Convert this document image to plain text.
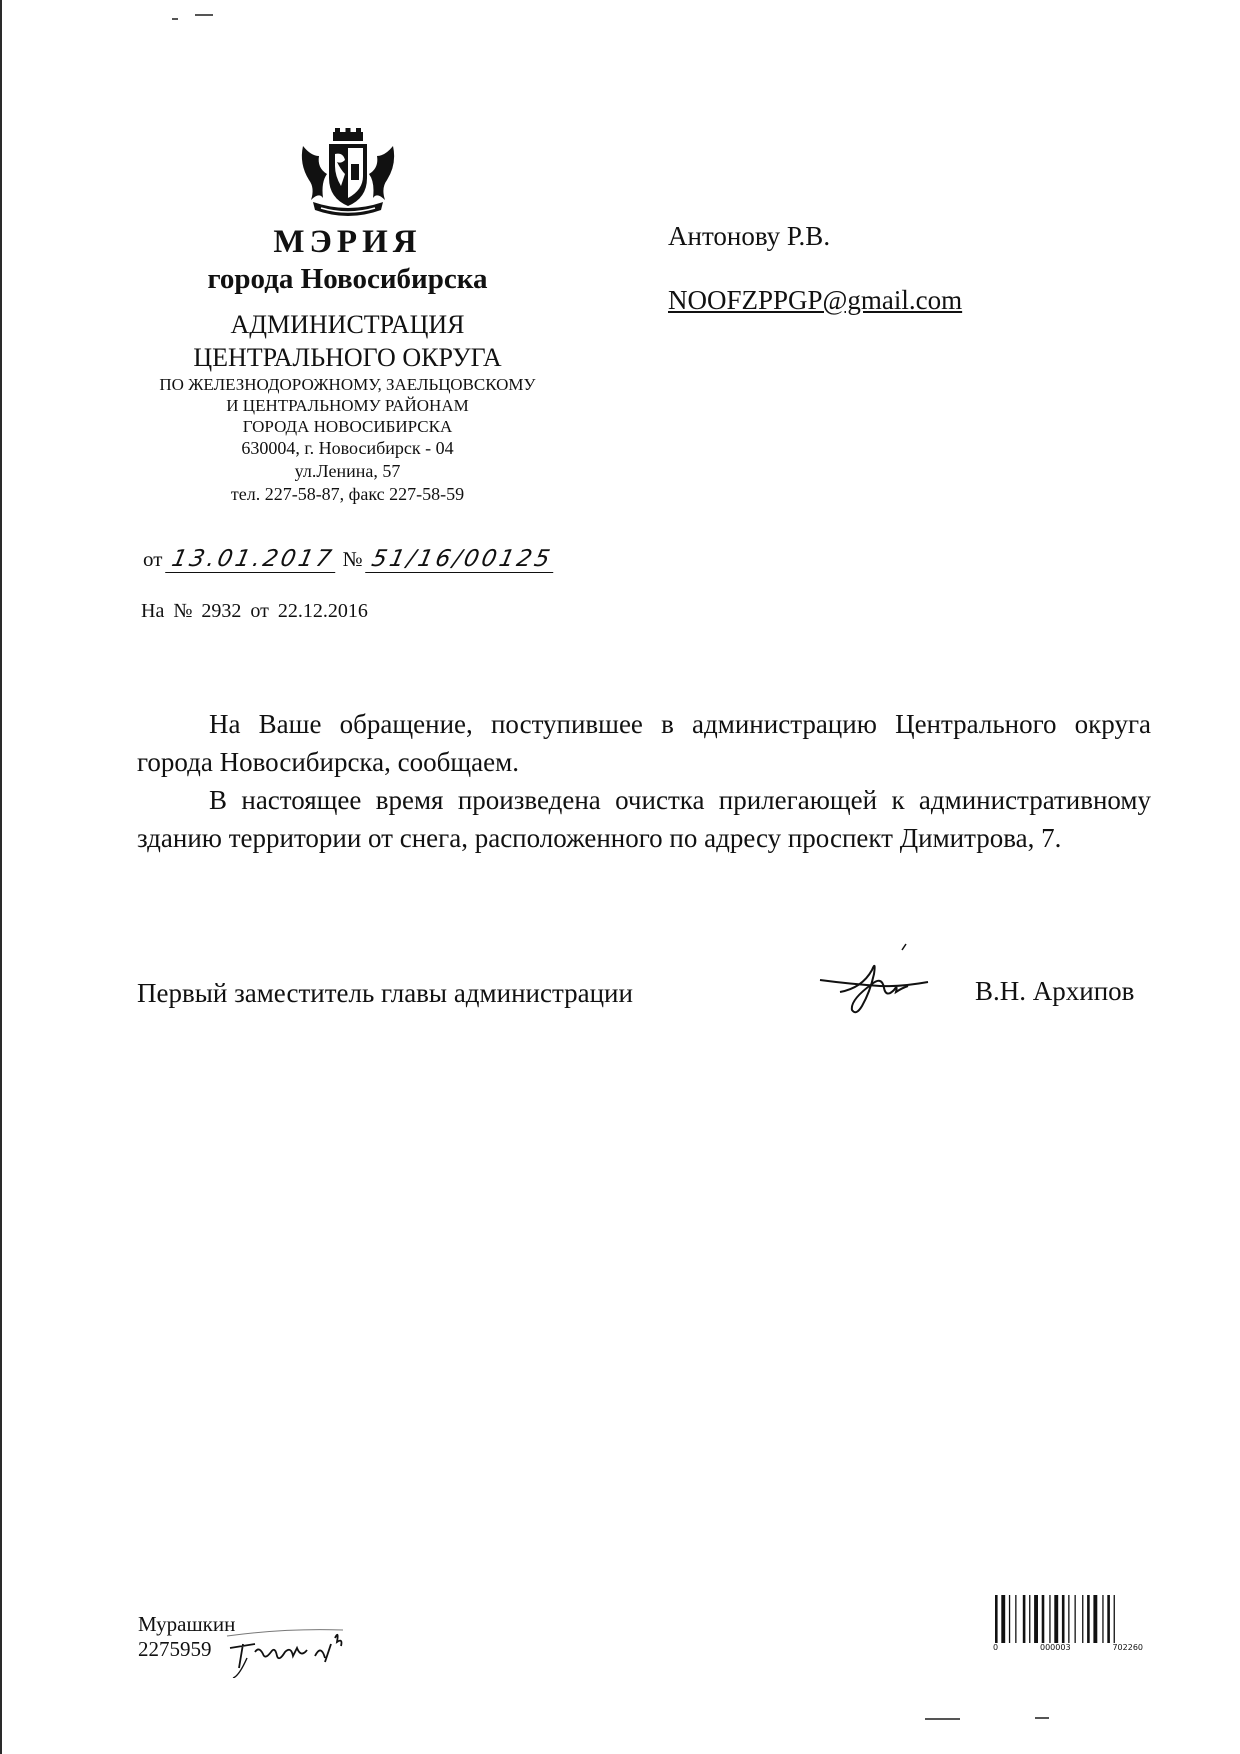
МЭРИЯ
города Новосибирска
АДМИНИСТРАЦИЯ
ЦЕНТРАЛЬНОГО ОКРУГА
ПО ЖЕЛЕЗНОДОРОЖНОМУ, ЗАЕЛЬЦОВСКОМУ
И ЦЕНТРАЛЬНОМУ РАЙОНАМ
ГОРОДА НОВОСИБИРСКА
630004, г. Новосибирск - 04
ул.Ленина, 57
тел. 227-58-87, факс 227-58-59
от 13.01.2017 № 51/16/00125
На № 2932 от 22.12.2016
Антонову Р.В.
NOOFZPPGP@gmail.com

На Ваше обращение, поступившее в администрацию Центрального округа города Новосибирска, сообщаем.

В настоящее время произведена очистка прилегающей к административному зданию территории от снега, расположенного по адресу проспект Димитрова, 7.

Первый заместитель главы администрации	В.Н. Архипов
Мурашкин
2275959	0	000003	702260
